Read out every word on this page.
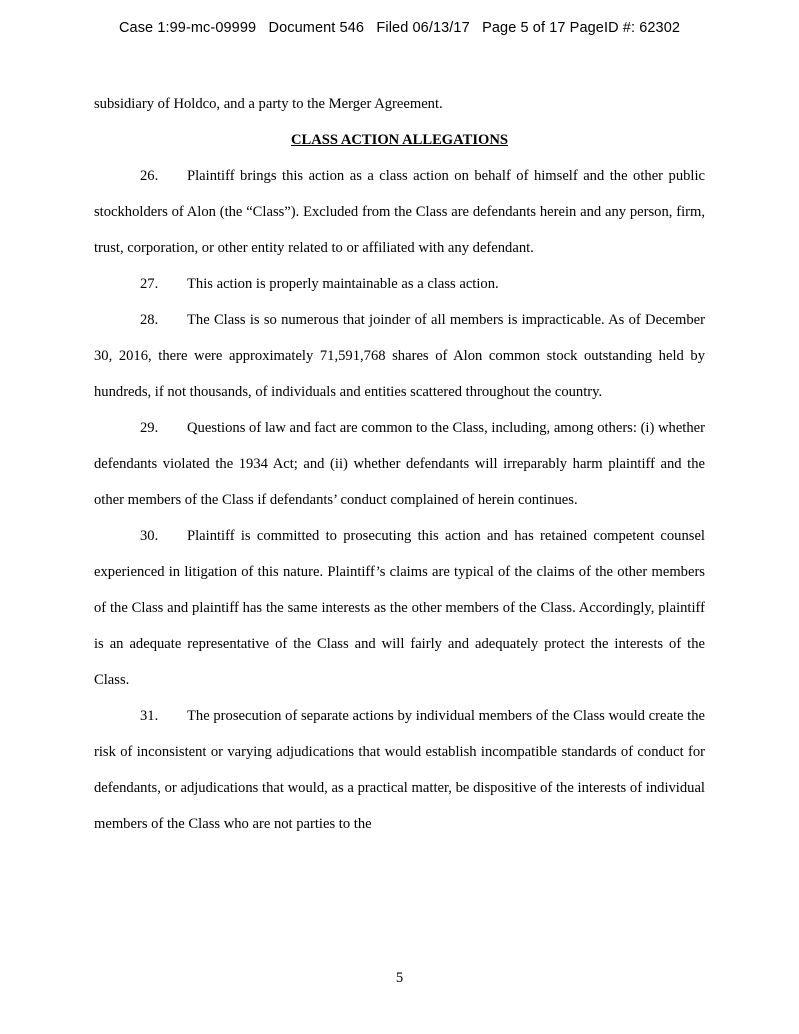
Case 1:99-mc-09999   Document 546   Filed 06/13/17   Page 5 of 17 PageID #: 62302

subsidiary of Holdco, and a party to the Merger Agreement.

CLASS ACTION ALLEGATIONS

26. Plaintiff brings this action as a class action on behalf of himself and the other public stockholders of Alon (the “Class”). Excluded from the Class are defendants herein and any person, firm, trust, corporation, or other entity related to or affiliated with any defendant.

27. This action is properly maintainable as a class action.

28. The Class is so numerous that joinder of all members is impracticable. As of December 30, 2016, there were approximately 71,591,768 shares of Alon common stock outstanding held by hundreds, if not thousands, of individuals and entities scattered throughout the country.

29. Questions of law and fact are common to the Class, including, among others: (i) whether defendants violated the 1934 Act; and (ii) whether defendants will irreparably harm plaintiff and the other members of the Class if defendants’ conduct complained of herein continues.

30. Plaintiff is committed to prosecuting this action and has retained competent counsel experienced in litigation of this nature. Plaintiff’s claims are typical of the claims of the other members of the Class and plaintiff has the same interests as the other members of the Class. Accordingly, plaintiff is an adequate representative of the Class and will fairly and adequately protect the interests of the Class.

31. The prosecution of separate actions by individual members of the Class would create the risk of inconsistent or varying adjudications that would establish incompatible standards of conduct for defendants, or adjudications that would, as a practical matter, be dispositive of the interests of individual members of the Class who are not parties to the

5
